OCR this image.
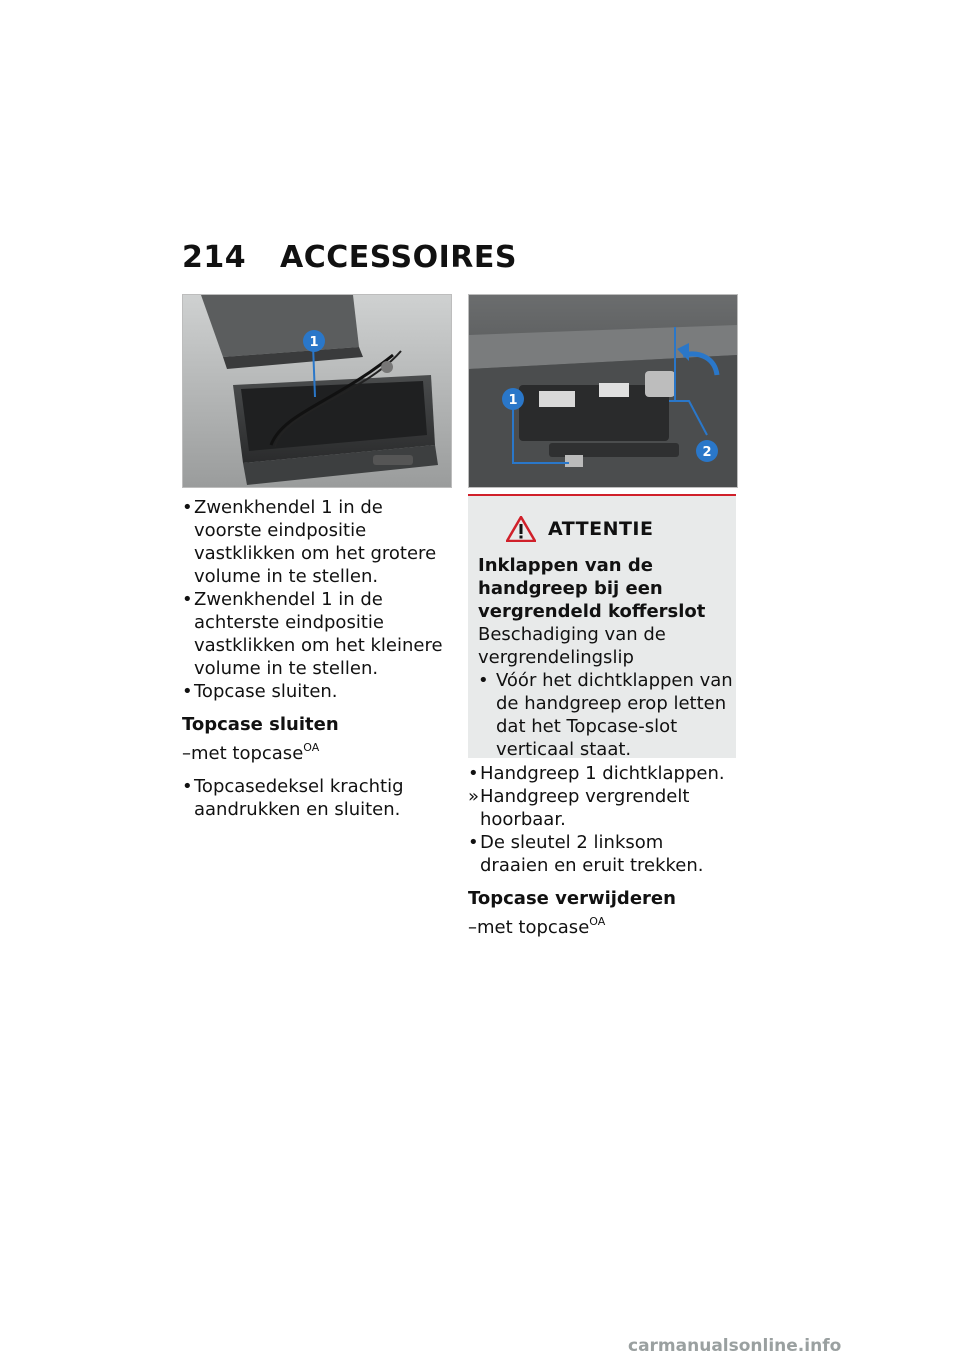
214 ACCESSOIRES
1
• Zwenkhendel 1 in de voorste eindpositie vastklikken om het grotere volume in te stellen.
• Zwenkhendel 1 in de achterste eindpositie vastklikken om het kleinere volume in te stellen.
• Topcase sluiten.

Topcase sluiten

–met topcase$^{OA}$

• Topcasedeksel krachtig aandrukken en sluiten.
1
2
ATTENTIE

Inklappen van de handgreep bij een vergrendeld kofferslot

Beschadiging van de vergrendelingslip

• Vóór het dichtklappen van de handgreep erop letten dat het Topcase-slot verticaal staat.
• Handgreep 1 dichtklappen.
» Handgreep vergrendelt hoorbaar.
• De sleutel 2 linksom draaien en eruit trekken.

Topcase verwijderen

–met topcase$^{OA}$

carmanualsonline.info
